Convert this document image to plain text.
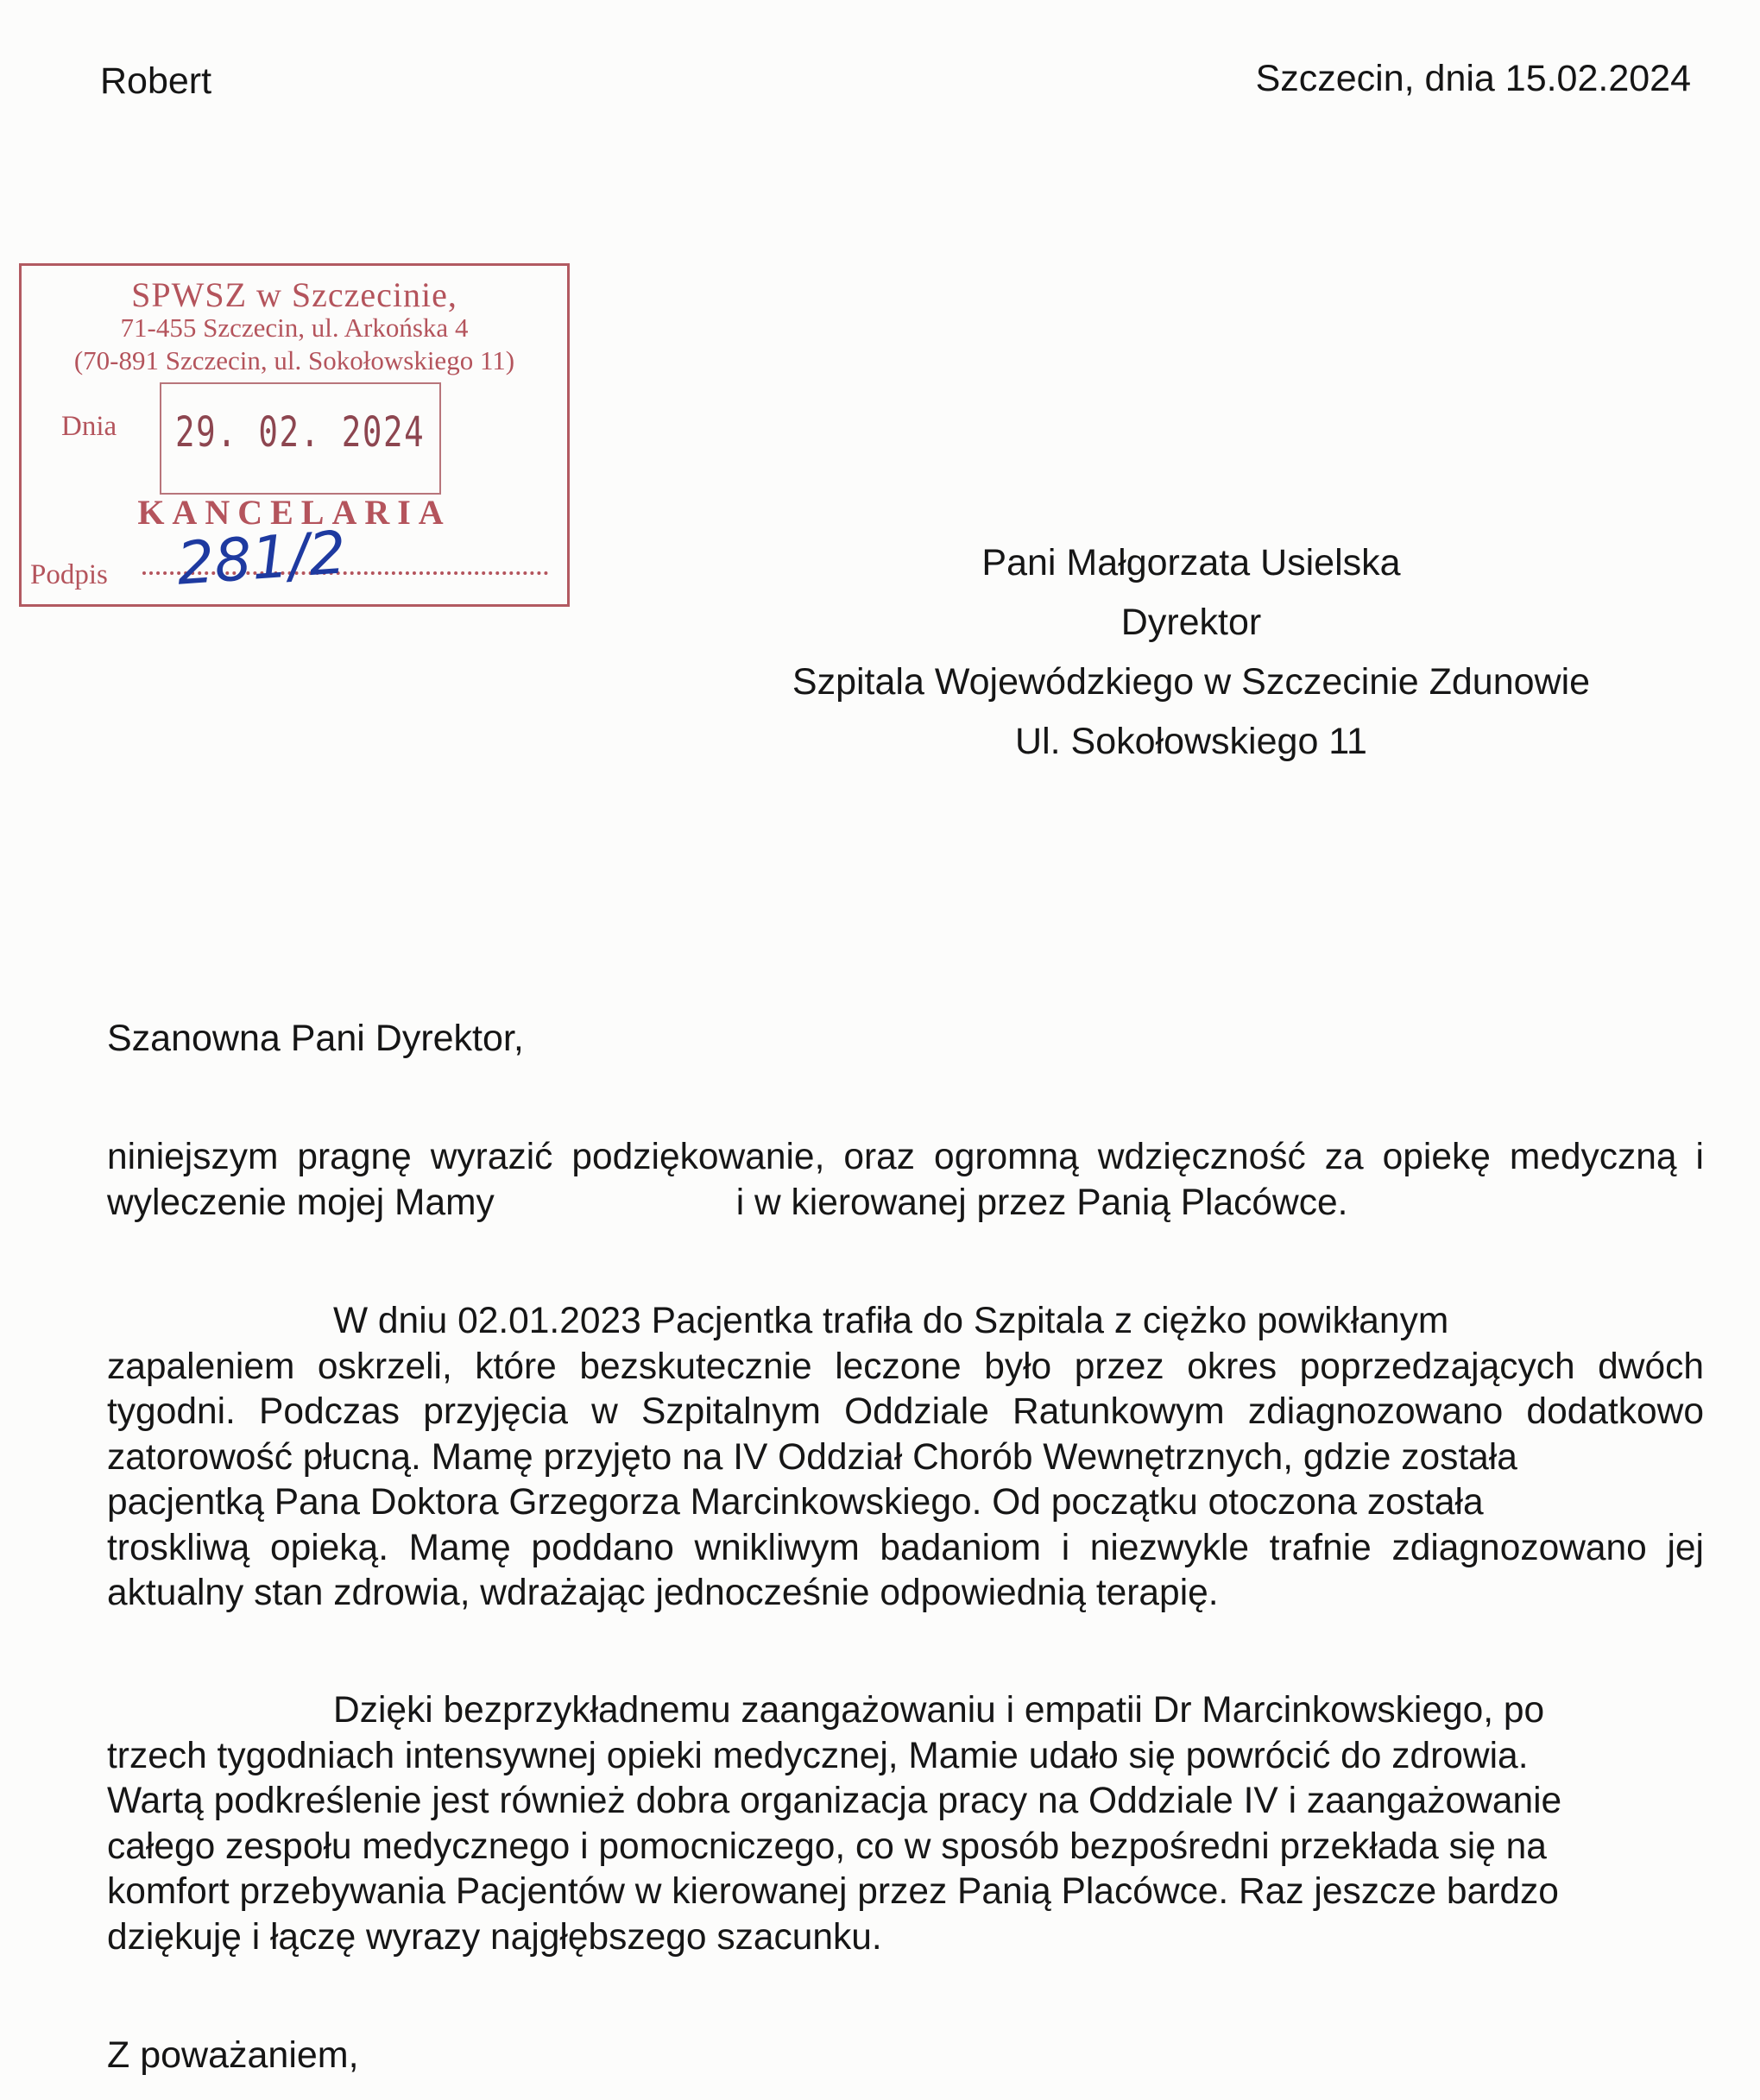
Robert	Szczecin, dnia 15.02.2024
SPWSZ w Szczecinie,
71-455 Szczecin, ul. Arkońska 4
(70-891 Szczecin, ul. Sokołowskiego 11)
Dnia 29. 02. 2024
KANCELARIA
Podpis 281/2	Pani Małgorzata Usielska
Dyrektor
Szpitala Wojewódzkiego w Szczecinie Zdunowie
Ul. Sokołowskiego 11
Szanowna Pani Dyrektor,
niniejszym pragnę wyrazić podziękowanie, oraz ogromną wdzięczność za opiekę medyczną i
wyleczenie mojej Mamy	i w kierowanej przez Panią Placówce.
W dniu 02.01.2023 Pacjentka trafiła do Szpitala z ciężko powikłanym
zapaleniem oskrzeli, które bezskutecznie leczone było przez okres poprzedzających dwóch
tygodni. Podczas przyjęcia w Szpitalnym Oddziale Ratunkowym zdiagnozowano dodatkowo
zatorowość płucną. Mamę przyjęto na IV Oddział Chorób Wewnętrznych, gdzie została
pacjentką Pana Doktora Grzegorza Marcinkowskiego. Od początku otoczona została
troskliwą opieką. Mamę poddano wnikliwym badaniom i niezwykle trafnie zdiagnozowano jej
aktualny stan zdrowia, wdrażając jednocześnie odpowiednią terapię.
Dzięki bezprzykładnemu zaangażowaniu i empatii Dr Marcinkowskiego, po
trzech tygodniach intensywnej opieki medycznej, Mamie udało się powrócić do zdrowia.
Wartą podkreślenie jest również dobra organizacja pracy na Oddziale IV i zaangażowanie
całego zespołu medycznego i pomocniczego, co w sposób bezpośredni przekłada się na
komfort przebywania Pacjentów w kierowanej przez Panią Placówce. Raz jeszcze bardzo
dziękuję i łączę wyrazy najgłębszego szacunku.
Z poważaniem,
